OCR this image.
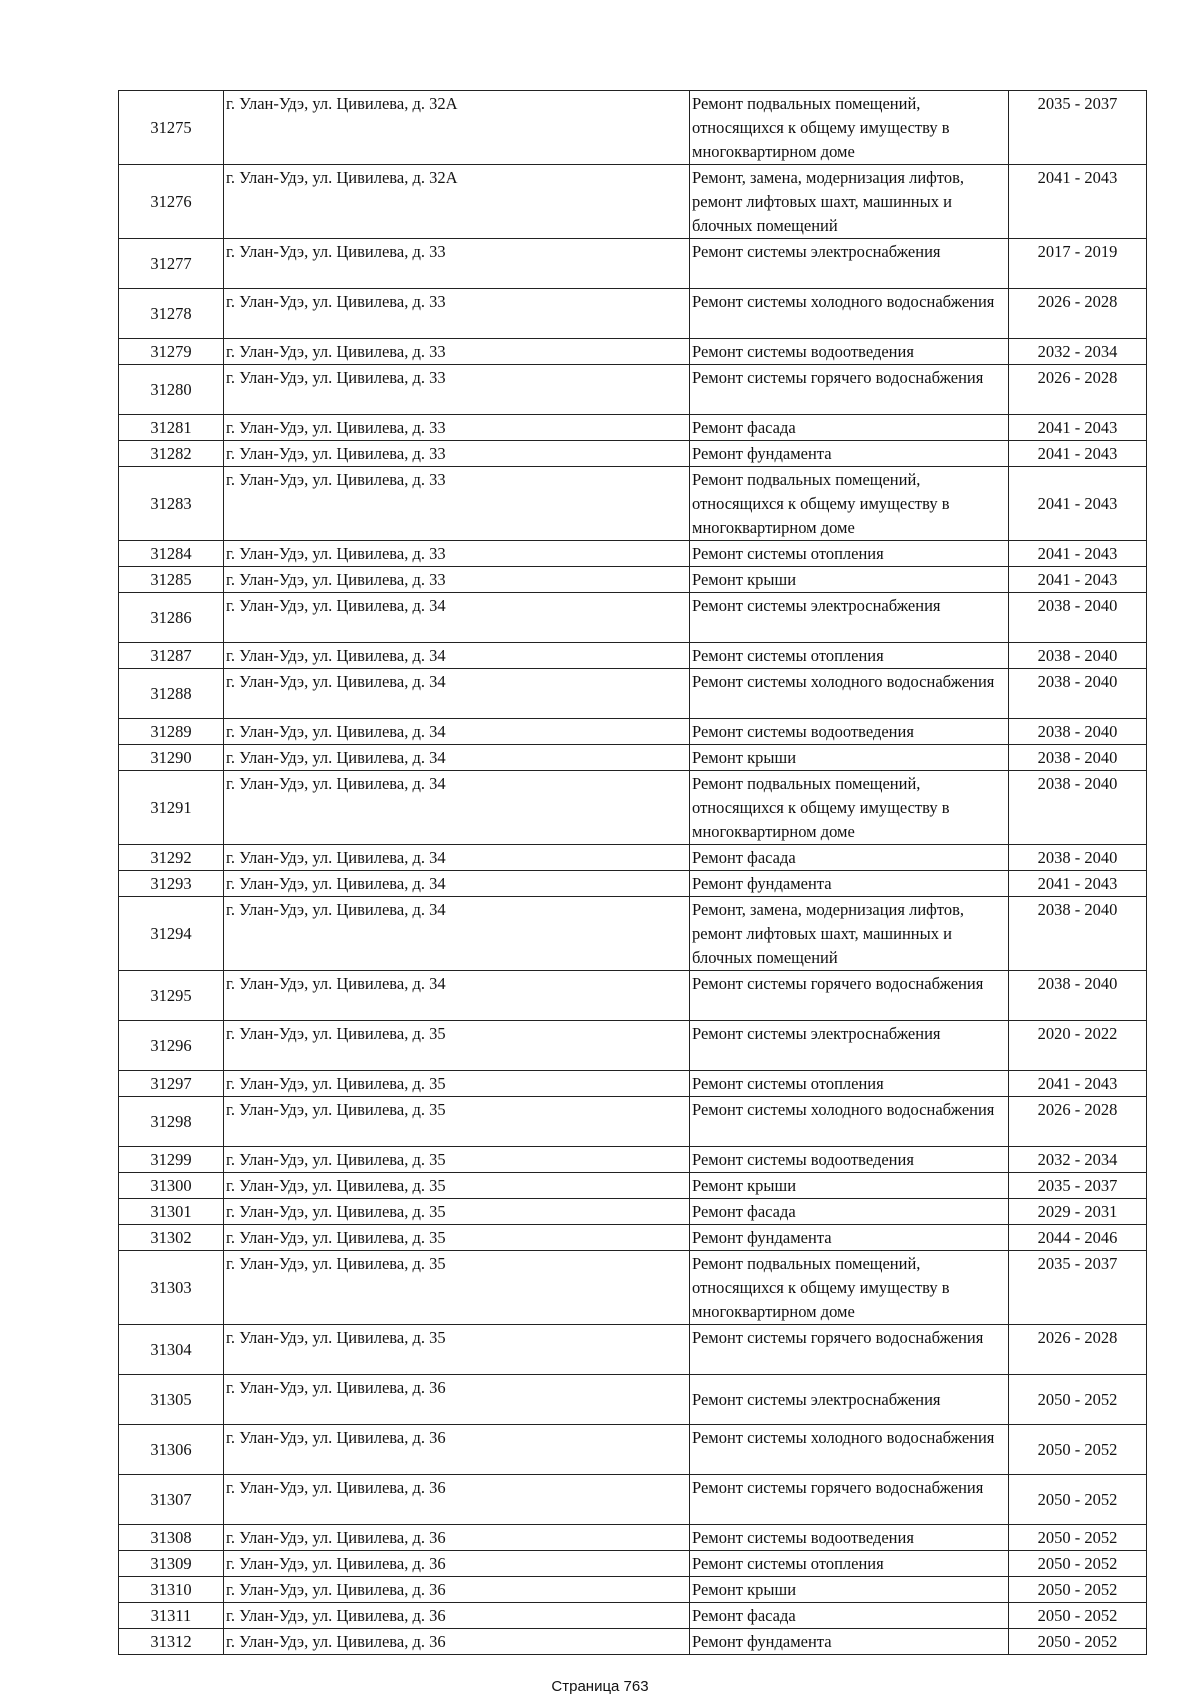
31275	г. Улан-Удэ, ул. Цивилева, д. 32А	Ремонт подвальных помещений, относящихся к общему имуществу в многоквартирном доме	2035 - 2037
31276	г. Улан-Удэ, ул. Цивилева, д. 32А	Ремонт, замена, модернизация лифтов, ремонт лифтовых шахт, машинных и блочных помещений	2041 - 2043
31277	г. Улан-Удэ, ул. Цивилева, д. 33	Ремонт системы электроснабжения	2017 - 2019
31278	г. Улан-Удэ, ул. Цивилева, д. 33	Ремонт системы холодного водоснабжения	2026 - 2028
31279	г. Улан-Удэ, ул. Цивилева, д. 33	Ремонт системы водоотведения	2032 - 2034
31280	г. Улан-Удэ, ул. Цивилева, д. 33	Ремонт системы горячего водоснабжения	2026 - 2028
31281	г. Улан-Удэ, ул. Цивилева, д. 33	Ремонт фасада	2041 - 2043
31282	г. Улан-Удэ, ул. Цивилева, д. 33	Ремонт фундамента	2041 - 2043
31283	г. Улан-Удэ, ул. Цивилева, д. 33	Ремонт подвальных помещений, относящихся к общему имуществу в многоквартирном доме	2041 - 2043
31284	г. Улан-Удэ, ул. Цивилева, д. 33	Ремонт системы отопления	2041 - 2043
31285	г. Улан-Удэ, ул. Цивилева, д. 33	Ремонт крыши	2041 - 2043
31286	г. Улан-Удэ, ул. Цивилева, д. 34	Ремонт системы электроснабжения	2038 - 2040
31287	г. Улан-Удэ, ул. Цивилева, д. 34	Ремонт системы отопления	2038 - 2040
31288	г. Улан-Удэ, ул. Цивилева, д. 34	Ремонт системы холодного водоснабжения	2038 - 2040
31289	г. Улан-Удэ, ул. Цивилева, д. 34	Ремонт системы водоотведения	2038 - 2040
31290	г. Улан-Удэ, ул. Цивилева, д. 34	Ремонт крыши	2038 - 2040
31291	г. Улан-Удэ, ул. Цивилева, д. 34	Ремонт подвальных помещений, относящихся к общему имуществу в многоквартирном доме	2038 - 2040
31292	г. Улан-Удэ, ул. Цивилева, д. 34	Ремонт фасада	2038 - 2040
31293	г. Улан-Удэ, ул. Цивилева, д. 34	Ремонт фундамента	2041 - 2043
31294	г. Улан-Удэ, ул. Цивилева, д. 34	Ремонт, замена, модернизация лифтов, ремонт лифтовых шахт, машинных и блочных помещений	2038 - 2040
31295	г. Улан-Удэ, ул. Цивилева, д. 34	Ремонт системы горячего водоснабжения	2038 - 2040
31296	г. Улан-Удэ, ул. Цивилева, д. 35	Ремонт системы электроснабжения	2020 - 2022
31297	г. Улан-Удэ, ул. Цивилева, д. 35	Ремонт системы отопления	2041 - 2043
31298	г. Улан-Удэ, ул. Цивилева, д. 35	Ремонт системы холодного водоснабжения	2026 - 2028
31299	г. Улан-Удэ, ул. Цивилева, д. 35	Ремонт системы водоотведения	2032 - 2034
31300	г. Улан-Удэ, ул. Цивилева, д. 35	Ремонт крыши	2035 - 2037
31301	г. Улан-Удэ, ул. Цивилева, д. 35	Ремонт фасада	2029 - 2031
31302	г. Улан-Удэ, ул. Цивилева, д. 35	Ремонт фундамента	2044 - 2046
31303	г. Улан-Удэ, ул. Цивилева, д. 35	Ремонт подвальных помещений, относящихся к общему имуществу в многоквартирном доме	2035 - 2037
31304	г. Улан-Удэ, ул. Цивилева, д. 35	Ремонт системы горячего водоснабжения	2026 - 2028
31305	г. Улан-Удэ, ул. Цивилева, д. 36	Ремонт системы электроснабжения	2050 - 2052
31306	г. Улан-Удэ, ул. Цивилева, д. 36	Ремонт системы холодного водоснабжения	2050 - 2052
31307	г. Улан-Удэ, ул. Цивилева, д. 36	Ремонт системы горячего водоснабжения	2050 - 2052
31308	г. Улан-Удэ, ул. Цивилева, д. 36	Ремонт системы водоотведения	2050 - 2052
31309	г. Улан-Удэ, ул. Цивилева, д. 36	Ремонт системы отопления	2050 - 2052
31310	г. Улан-Удэ, ул. Цивилева, д. 36	Ремонт крыши	2050 - 2052
31311	г. Улан-Удэ, ул. Цивилева, д. 36	Ремонт фасада	2050 - 2052
31312	г. Улан-Удэ, ул. Цивилева, д. 36	Ремонт фундамента	2050 - 2052
Страница 763
